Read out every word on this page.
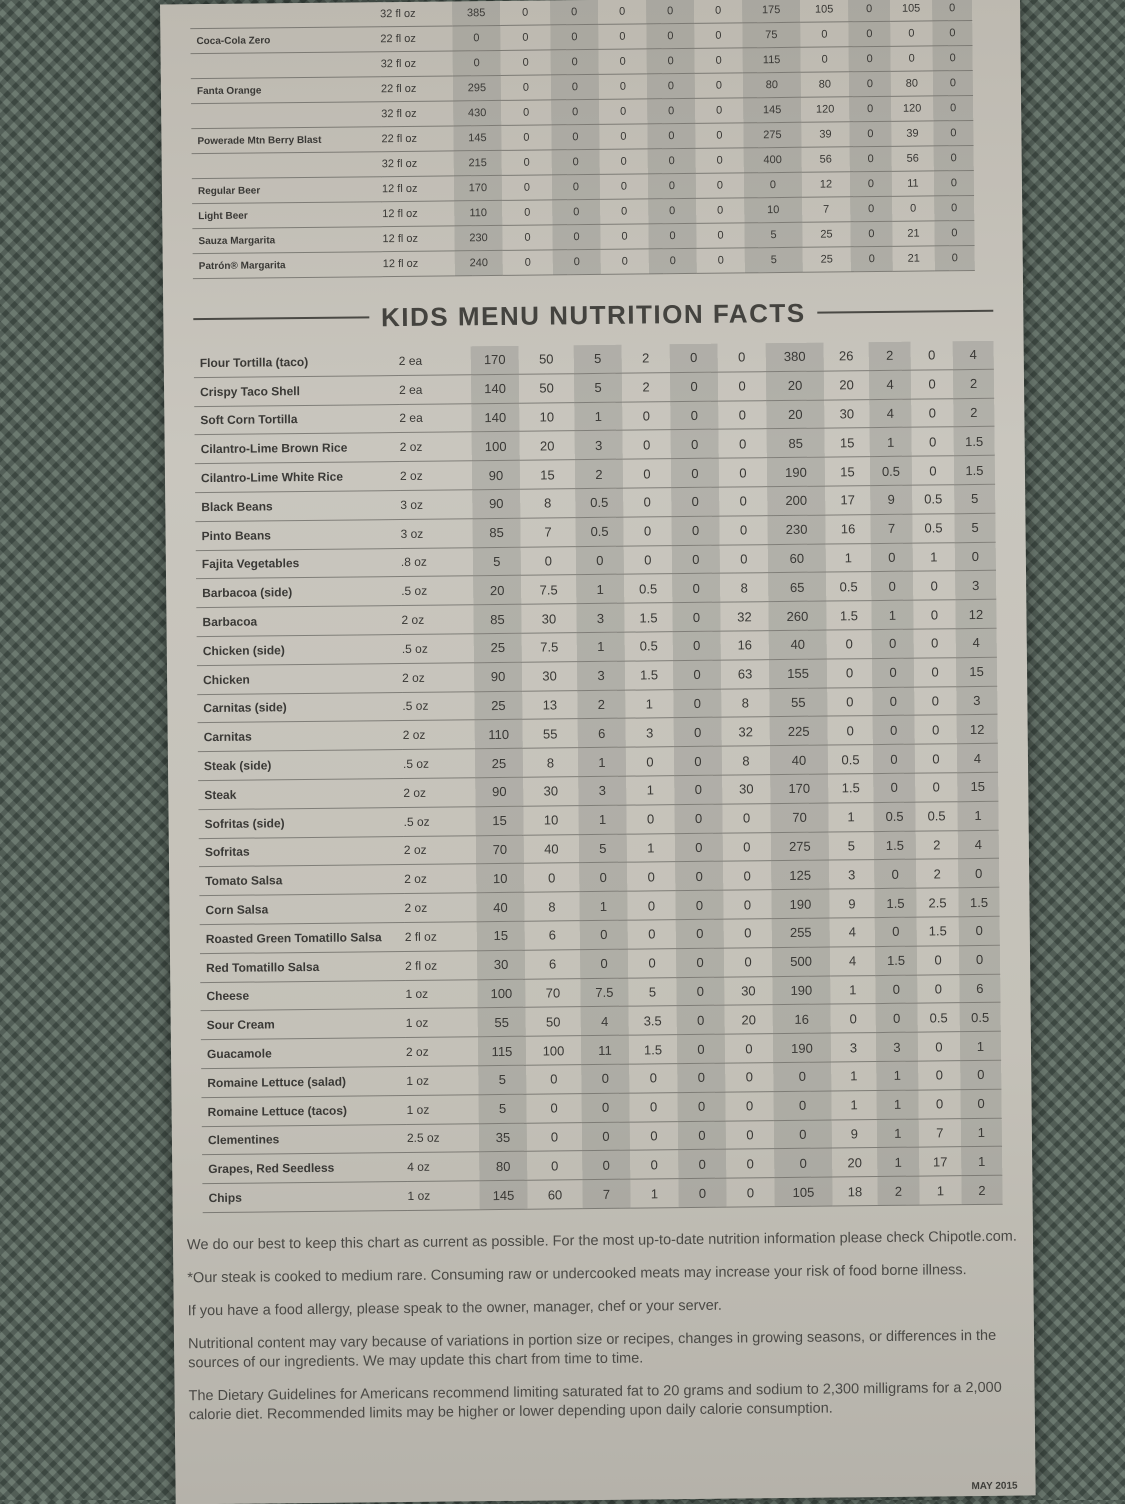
	32 fl oz	385	0	0	0	0	0	175	105	0	105	0
Coca-Cola Zero	22 fl oz	0	0	0	0	0	0	75	0	0	0	0
	32 fl oz	0	0	0	0	0	0	115	0	0	0	0
Fanta Orange	22 fl oz	295	0	0	0	0	0	80	80	0	80	0
	32 fl oz	430	0	0	0	0	0	145	120	0	120	0
Powerade Mtn Berry Blast	22 fl oz	145	0	0	0	0	0	275	39	0	39	0
	32 fl oz	215	0	0	0	0	0	400	56	0	56	0
Regular Beer	12 fl oz	170	0	0	0	0	0	0	12	0	11	0
Light Beer	12 fl oz	110	0	0	0	0	0	10	7	0	0	0
Sauza Margarita	12 fl oz	230	0	0	0	0	0	5	25	0	21	0
Patrón® Margarita	12 fl oz	240	0	0	0	0	0	5	25	0	21	0
KIDS MENU NUTRITION FACTS
Flour Tortilla (taco)	2 ea	170	50	5	2	0	0	380	26	2	0	4
Crispy Taco Shell	2 ea	140	50	5	2	0	0	20	20	4	0	2
Soft Corn Tortilla	2 ea	140	10	1	0	0	0	20	30	4	0	2
Cilantro-Lime Brown Rice	2 oz	100	20	3	0	0	0	85	15	1	0	1.5
Cilantro-Lime White Rice	2 oz	90	15	2	0	0	0	190	15	0.5	0	1.5
Black Beans	3 oz	90	8	0.5	0	0	0	200	17	9	0.5	5
Pinto Beans	3 oz	85	7	0.5	0	0	0	230	16	7	0.5	5
Fajita Vegetables	.8 oz	5	0	0	0	0	0	60	1	0	1	0
Barbacoa (side)	.5 oz	20	7.5	1	0.5	0	8	65	0.5	0	0	3
Barbacoa	2 oz	85	30	3	1.5	0	32	260	1.5	1	0	12
Chicken (side)	.5 oz	25	7.5	1	0.5	0	16	40	0	0	0	4
Chicken	2 oz	90	30	3	1.5	0	63	155	0	0	0	15
Carnitas (side)	.5 oz	25	13	2	1	0	8	55	0	0	0	3
Carnitas	2 oz	110	55	6	3	0	32	225	0	0	0	12
Steak (side)	.5 oz	25	8	1	0	0	8	40	0.5	0	0	4
Steak	2 oz	90	30	3	1	0	30	170	1.5	0	0	15
Sofritas (side)	.5 oz	15	10	1	0	0	0	70	1	0.5	0.5	1
Sofritas	2 oz	70	40	5	1	0	0	275	5	1.5	2	4
Tomato Salsa	2 oz	10	0	0	0	0	0	125	3	0	2	0
Corn Salsa	2 oz	40	8	1	0	0	0	190	9	1.5	2.5	1.5
Roasted Green Tomatillo Salsa	2 fl oz	15	6	0	0	0	0	255	4	0	1.5	0
Red Tomatillo Salsa	2 fl oz	30	6	0	0	0	0	500	4	1.5	0	0
Cheese	1 oz	100	70	7.5	5	0	30	190	1	0	0	6
Sour Cream	1 oz	55	50	4	3.5	0	20	16	0	0	0.5	0.5
Guacamole	2 oz	115	100	11	1.5	0	0	190	3	3	0	1
Romaine Lettuce (salad)	1 oz	5	0	0	0	0	0	0	1	1	0	0
Romaine Lettuce (tacos)	1 oz	5	0	0	0	0	0	0	1	1	0	0
Clementines	2.5 oz	35	0	0	0	0	0	0	9	1	7	1
Grapes, Red Seedless	4 oz	80	0	0	0	0	0	0	20	1	17	1
Chips	1 oz	145	60	7	1	0	0	105	18	2	1	2

We do our best to keep this chart as current as possible. For the most up-to-date nutrition information please check Chipotle.com.

*Our steak is cooked to medium rare. Consuming raw or undercooked meats may increase your risk of food borne illness.

If you have a food allergy, please speak to the owner, manager, chef or your server.

Nutritional content may vary because of variations in portion size or recipes, changes in growing seasons, or differences in the sources of our ingredients. We may update this chart from time to time.

The Dietary Guidelines for Americans recommend limiting saturated fat to 20 grams and sodium to 2,300 milligrams for a 2,000 calorie diet. Recommended limits may be higher or lower depending upon daily calorie consumption.

MAY 2015
